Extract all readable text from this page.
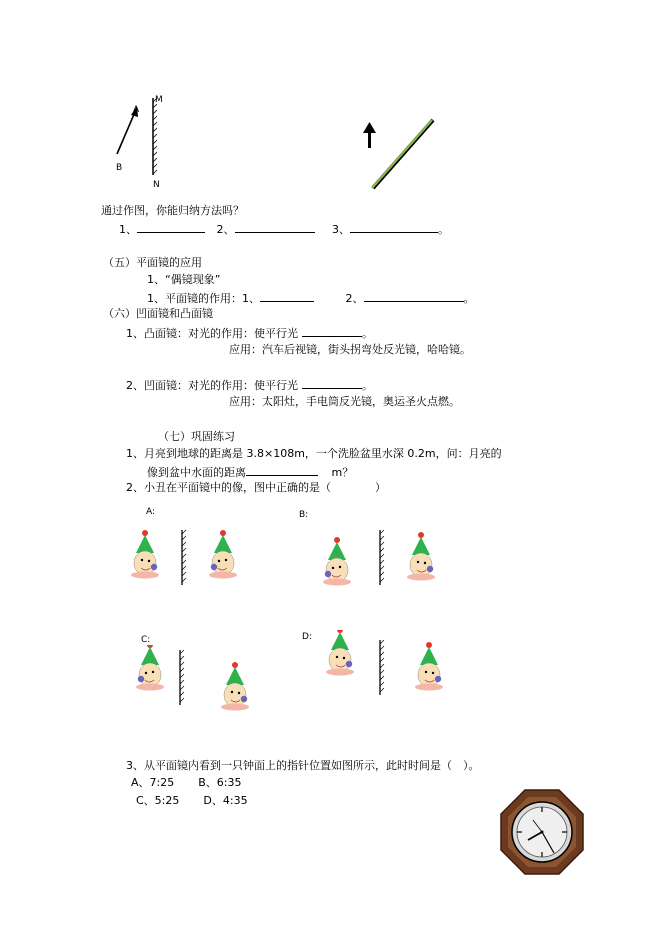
A
B
M
N
通过作图，你能归纳方法吗？
1、	2、	3、	。
（五）平面镜的应用
1、“偶镜现象”
1、平面镜的作用：1、	2、	。
（六）凹面镜和凸面镜
1、凸面镜：对光的作用：使平行光	。
应用：汽车后视镜，街头拐弯处反光镜，哈哈镜。
2、凹面镜：对光的作用：使平行光	。
应用：太阳灶，手电筒反光镜，奥运圣火点燃。
（七）巩固练习
1、月亮到地球的距离是 3.8×108m，一个洗脸盆里水深 0.2m，问：月亮的
像到盆中水面的距离	m？
2、小丑在平面镜中的像，图中正确的是（　　　　）
A:	B:
C:	D:
3、从平面镜内看到一只钟面上的指针位置如图所示，此时时间是（　）。
A、7:25 B、6:35
C、5:25 D、4:35
